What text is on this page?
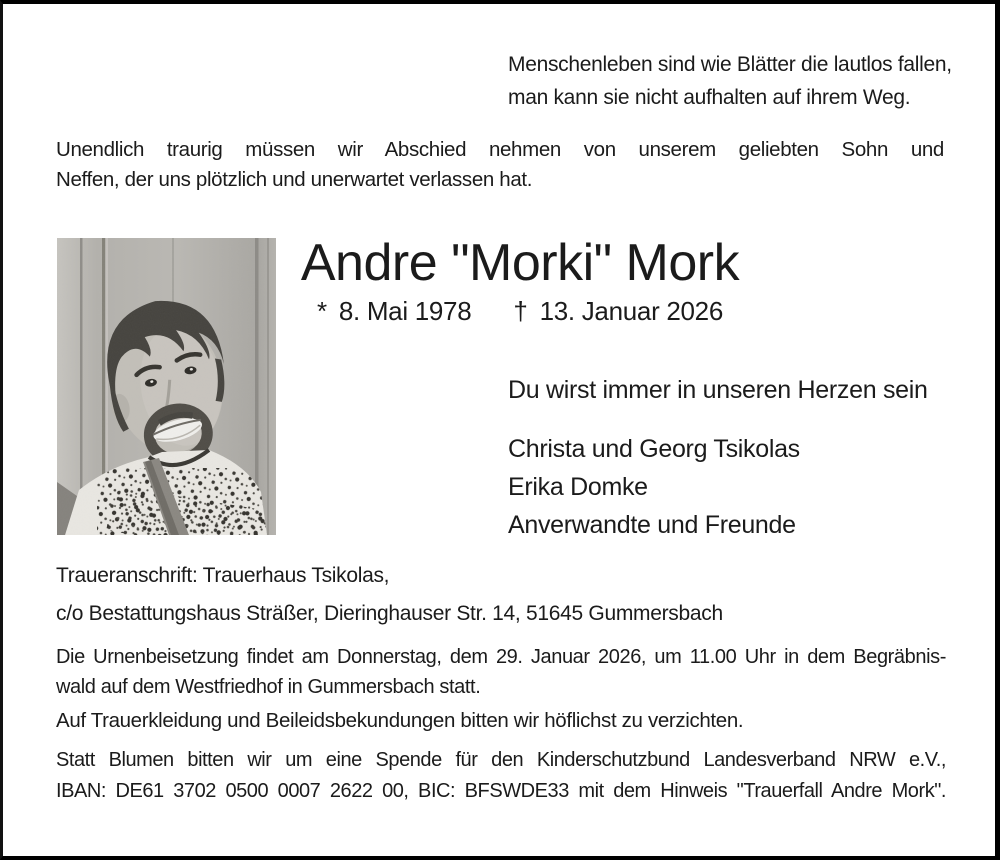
Menschenleben sind wie Blätter die lautlos fallen,
man kann sie nicht aufhalten auf ihrem Weg.
Unendlich traurig müssen wir Abschied nehmen von unserem geliebten Sohn und
Neffen, der uns plötzlich und unerwartet verlassen hat.
Andre "Morki" Mork
* 8. Mai 1978 † 13. Januar 2026
Du wirst immer in unseren Herzen sein
Christa und Georg Tsikolas
Erika Domke
Anverwandte und Freunde
Traueranschrift: Trauerhaus Tsikolas,
c/o Bestattungshaus Sträßer, Dieringhauser Str. 14, 51645 Gummersbach
Die Urnenbeisetzung findet am Donnerstag, dem 29. Januar 2026, um 11.00 Uhr in dem Begräbnis-
wald auf dem Westfriedhof in Gummersbach statt.
Auf Trauerkleidung und Beileidsbekundungen bitten wir höflichst zu verzichten.
Statt Blumen bitten wir um eine Spende für den Kinderschutzbund Landesverband NRW e.V.,
IBAN: DE61 3702 0500 0007 2622 00, BIC: BFSWDE33 mit dem Hinweis "Trauerfall Andre Mork".
